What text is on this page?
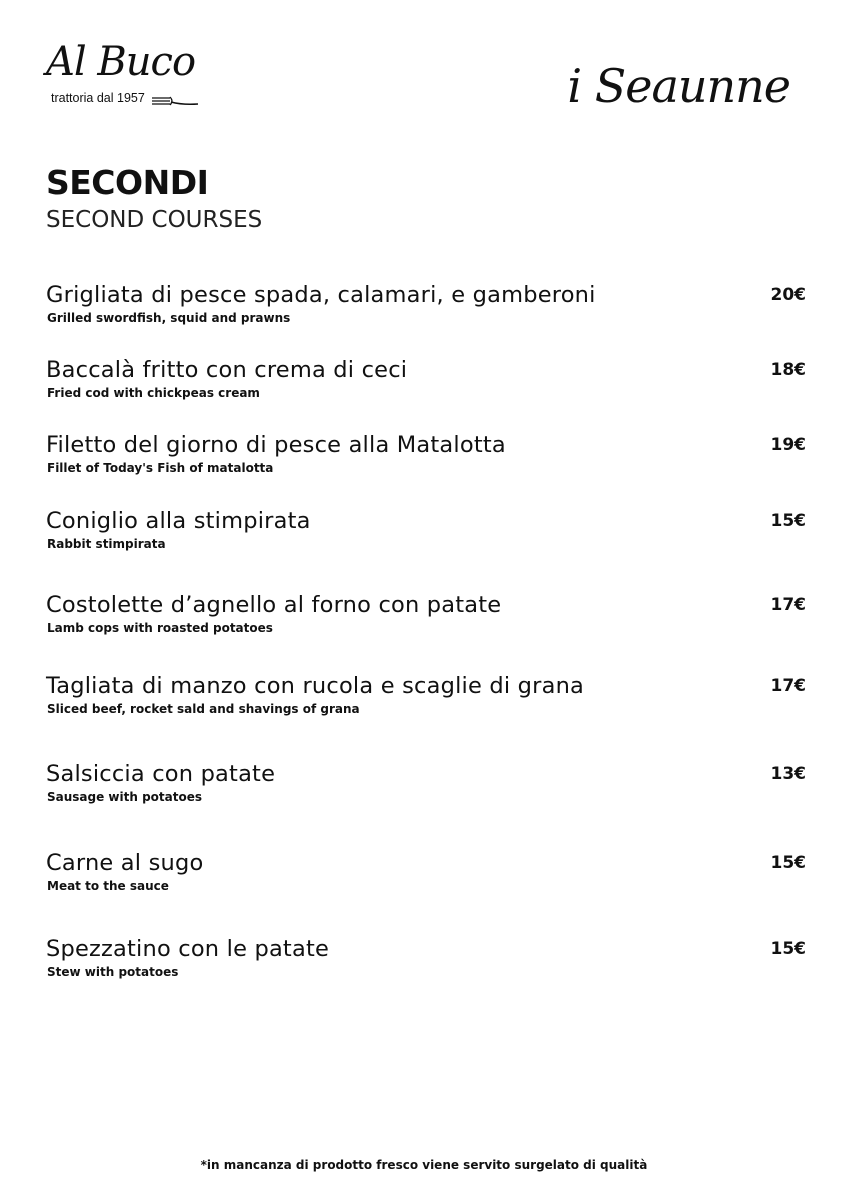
Al Buco
trattoria dal 1957	i Seaunne
SECONDI
SECOND COURSES
Grigliata di pesce spada, calamari, e gamberoni
Grilled swordfish, squid and prawns
20€
Baccalà fritto con crema di ceci
Fried cod with chickpeas cream
18€
Filetto del giorno di pesce alla Matalotta
Fillet of Today's Fish of matalotta
19€
Coniglio alla stimpirata
Rabbit stimpirata
15€
Costolette d’agnello al forno con patate
Lamb cops with roasted potatoes
17€
Tagliata di manzo con rucola e scaglie di grana
Sliced beef, rocket sald and shavings of grana
17€
Salsiccia con patate
Sausage with potatoes
13€
Carne al sugo
Meat to the sauce
15€
Spezzatino con le patate
Stew with potatoes
15€
*in mancanza di prodotto fresco viene servito surgelato di qualità
